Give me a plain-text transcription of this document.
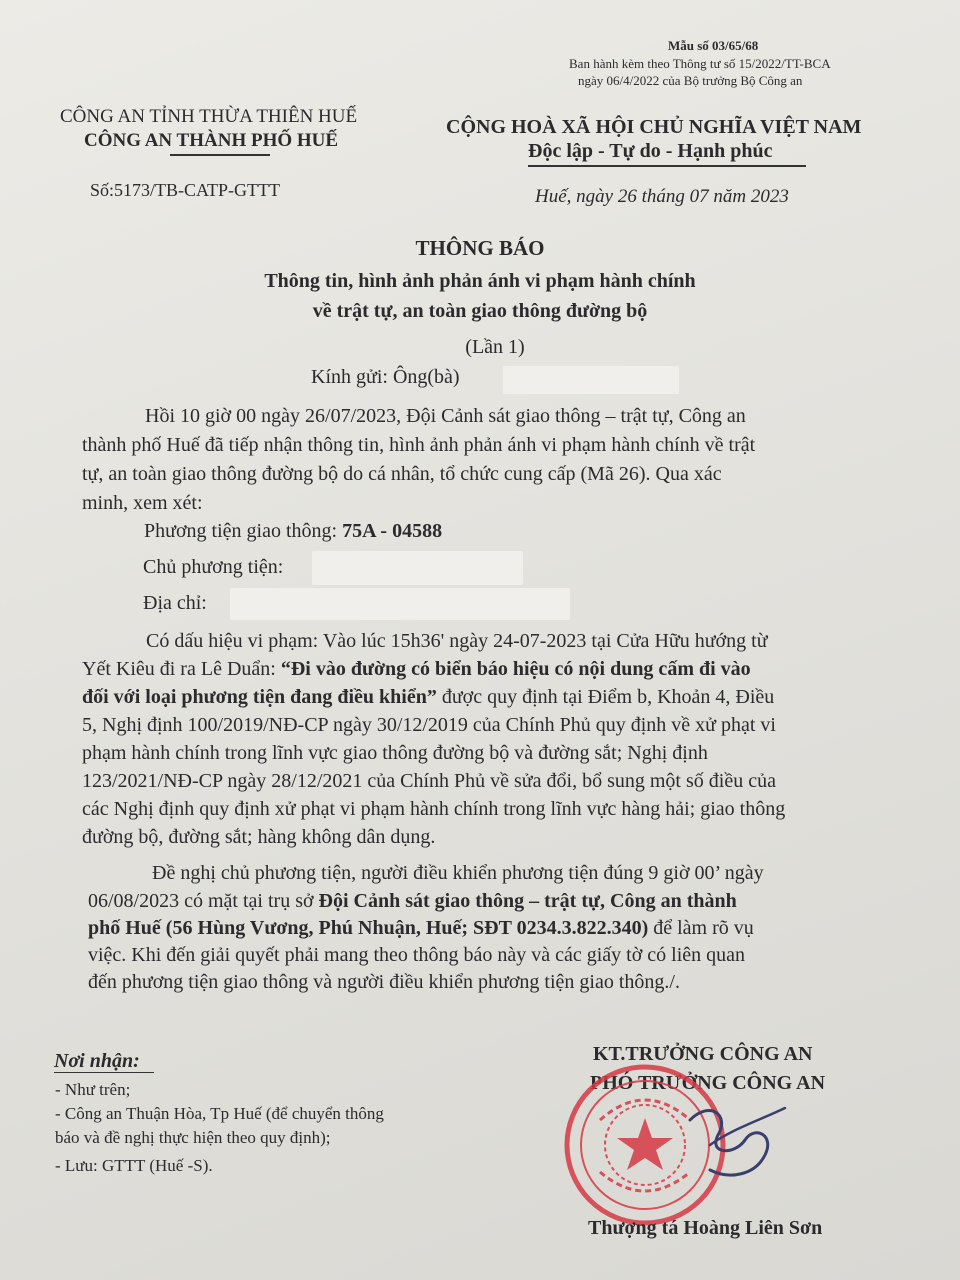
Mẫu số 03/65/68
Ban hành kèm theo Thông tư số 15/2022/TT-BCA
ngày 06/4/2022 của Bộ trưởng Bộ Công an
CÔNG AN TỈNH THỪA THIÊN HUẾ
CÔNG AN THÀNH PHỐ HUẾ
CỘNG HOÀ XÃ HỘI CHỦ NGHĨA VIỆT NAM
Độc lập - Tự do - Hạnh phúc
Số:5173/TB-CATP-GTTT	Huế, ngày 26 tháng 07 năm 2023
THÔNG BÁO
Thông tin, hình ảnh phản ánh vi phạm hành chính
về trật tự, an toàn giao thông đường bộ
(Lần 1)
Kính gửi: Ông(bà)
Hồi 10 giờ 00 ngày 26/07/2023, Đội Cảnh sát giao thông – trật tự, Công an
thành phố Huế đã tiếp nhận thông tin, hình ảnh phản ánh vi phạm hành chính về trật
tự, an toàn giao thông đường bộ do cá nhân, tổ chức cung cấp (Mã 26). Qua xác
minh, xem xét:
Phương tiện giao thông: 75A - 04588
Chủ phương tiện:
Địa chỉ:
Có dấu hiệu vi phạm: Vào lúc 15h36' ngày 24-07-2023 tại Cửa Hữu hướng từ
Yết Kiêu đi ra Lê Duẩn: “Đi vào đường có biển báo hiệu có nội dung cấm đi vào
đối với loại phương tiện đang điều khiển” được quy định tại Điểm b, Khoản 4, Điều
5, Nghị định 100/2019/NĐ-CP ngày 30/12/2019 của Chính Phủ quy định về xử phạt vi
phạm hành chính trong lĩnh vực giao thông đường bộ và đường sắt; Nghị định
123/2021/NĐ-CP ngày 28/12/2021 của Chính Phủ về sửa đổi, bổ sung một số điều của
các Nghị định quy định xử phạt vi phạm hành chính trong lĩnh vực hàng hải; giao thông
đường bộ, đường sắt; hàng không dân dụng.
Đề nghị chủ phương tiện, người điều khiển phương tiện đúng 9 giờ 00’ ngày
06/08/2023 có mặt tại trụ sở Đội Cảnh sát giao thông – trật tự, Công an thành
phố Huế (56 Hùng Vương, Phú Nhuận, Huế; SĐT 0234.3.822.340) để làm rõ vụ
việc. Khi đến giải quyết phải mang theo thông báo này và các giấy tờ có liên quan
đến phương tiện giao thông và người điều khiển phương tiện giao thông./.
Nơi nhận:
- Như trên;
- Công an Thuận Hòa, Tp Huế (để chuyển thông
báo và đề nghị thực hiện theo quy định);
- Lưu: GTTT (Huế -S).
KT.TRƯỞNG CÔNG AN
PHÓ TRƯỞNG CÔNG AN
Thượng tá Hoàng Liên Sơn
